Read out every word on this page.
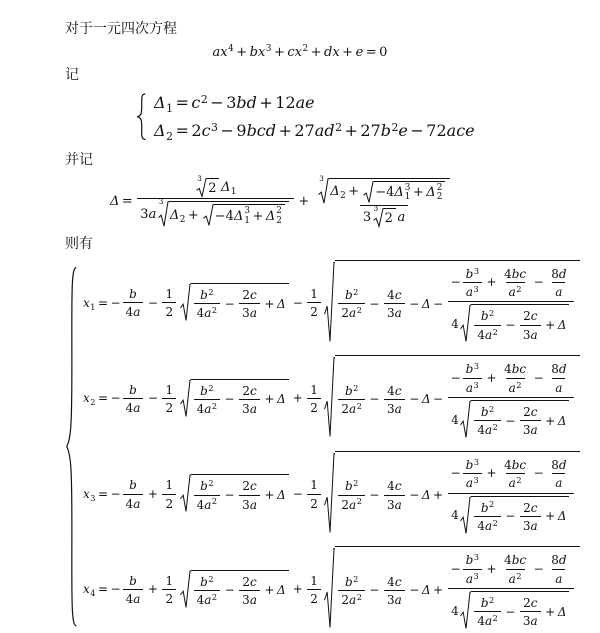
对于一元四次方程
ax 4 + bx 3 + cx 2 + dx + e = 0
记
Δ 1 = c 2 − 3 bd + 12 ae
Δ 2 = 2 c 3 − 9 bcd + 27 ad 2 + 27 b 2 e − 72 ace
并记
Δ = 3
2 Δ 1
3 a
3
Δ 2 + −4 Δ 3
1 + Δ 2
2 + 3
Δ 2 + −4 Δ 3
1 + Δ 2
2
3
3
2 a
则有
x 1 = − $\frac{b}{4 a} - \frac{1}{2} \frac{b 2}{4 a 2} - \frac{2 c}{3 a} + \Delta - \frac{1}{2} \frac{b 2}{2 a 2} - \frac{4 c}{3 a} - \Delta - \frac{- \frac{b 3}{a 3} + \frac{4 bc}{a 2} - \frac{8 d}{a}}{4 \frac{b 2}{4 a 2} - \frac{2 c}{3 a} + \Delta}$
x 2 = − $\frac{b}{4 a} - \frac{1}{2} \frac{b 2}{4 a 2} - \frac{2 c}{3 a} + \Delta + \frac{1}{2} \frac{b 2}{2 a 2} - \frac{4 c}{3 a} - \Delta - \frac{- \frac{b 3}{a 3} + \frac{4 bc}{a 2} - \frac{8 d}{a}}{4 \frac{b 2}{4 a 2} - \frac{2 c}{3 a} + \Delta}$
x 3 = − $\frac{b}{4 a} + \frac{1}{2} \frac{b 2}{4 a 2} - \frac{2 c}{3 a} + \Delta - \frac{1}{2} \frac{b 2}{2 a 2} - \frac{4 c}{3 a} - \Delta + \frac{- \frac{b 3}{a 3} + \frac{4 bc}{a 2} - \frac{8 d}{a}}{4 \frac{b 2}{4 a 2} - \frac{2 c}{3 a} + \Delta}$
x 4 = − $\frac{b}{4 a} + \frac{1}{2} \frac{b 2}{4 a 2} - \frac{2 c}{3 a} + \Delta + \frac{1}{2} \frac{b 2}{2 a 2} - \frac{4 c}{3 a} - \Delta + \frac{- \frac{b 3}{a 3} + \frac{4 bc}{a 2} - \frac{8 d}{a}}{4 \frac{b 2}{4 a 2} - \frac{2 c}{3 a} + \Delta}$
